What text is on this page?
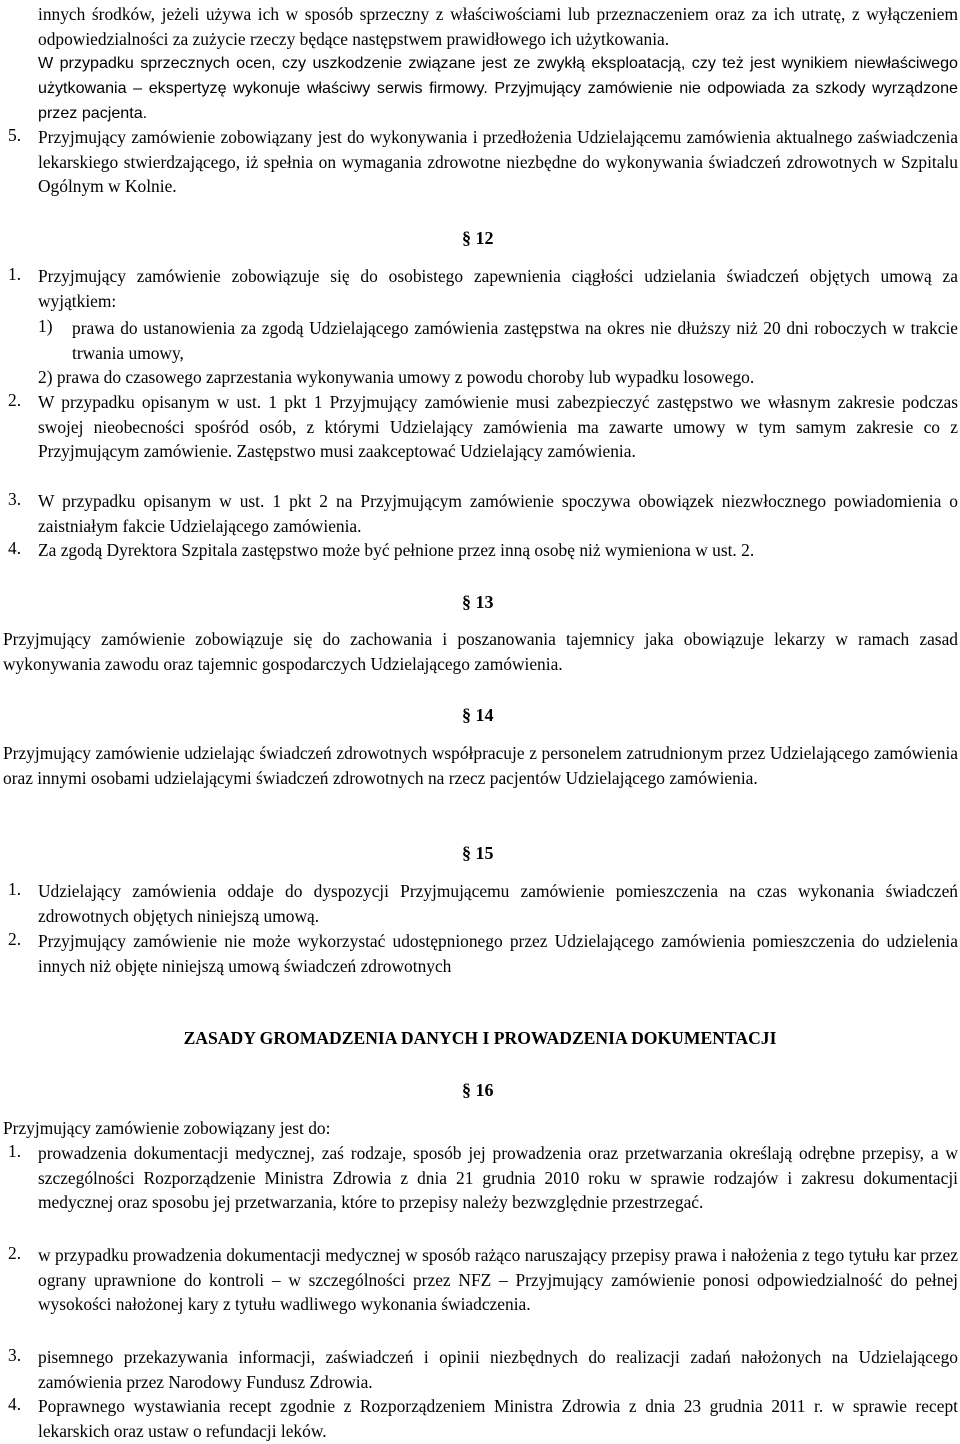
innych środków, jeżeli używa ich w sposób sprzeczny z właściwościami lub przeznaczeniem oraz za ich utratę, z wyłączeniem odpowiedzialności za zużycie rzeczy będące następstwem prawidłowego ich użytkowania.
W przypadku sprzecznych ocen, czy uszkodzenie związane jest ze zwykłą eksploatacją, czy też jest wynikiem niewłaściwego użytkowania – ekspertyzę wykonuje właściwy serwis firmowy. Przyjmujący zamówienie nie odpowiada za szkody wyrządzone przez pacjenta.
5. Przyjmujący zamówienie zobowiązany jest do wykonywania i przedłożenia Udzielającemu zamówienia aktualnego zaświadczenia lekarskiego stwierdzającego, iż spełnia on wymagania zdrowotne niezbędne do wykonywania świadczeń zdrowotnych w Szpitalu Ogólnym w Kolnie.
§ 12
1. Przyjmujący zamówienie zobowiązuje się do osobistego zapewnienia ciągłości udzielania świadczeń objętych umową za wyjątkiem:
1) prawa do ustanowienia za zgodą Udzielającego zamówienia zastępstwa na okres nie dłuższy niż 20 dni roboczych w trakcie trwania umowy,
2) prawa do czasowego zaprzestania wykonywania umowy z powodu choroby lub wypadku losowego.
2. W przypadku opisanym w ust. 1 pkt 1 Przyjmujący zamówienie musi zabezpieczyć zastępstwo we własnym zakresie podczas swojej nieobecności spośród osób, z którymi Udzielający zamówienia ma zawarte umowy w tym samym zakresie co z Przyjmującym zamówienie. Zastępstwo musi zaakceptować Udzielający zamówienia.
3. W przypadku opisanym w ust. 1 pkt 2 na Przyjmującym zamówienie spoczywa obowiązek niezwłocznego powiadomienia o zaistniałym fakcie Udzielającego zamówienia.
4. Za zgodą Dyrektora Szpitala zastępstwo może być pełnione przez inną osobę niż wymieniona w ust. 2.
§ 13
Przyjmujący zamówienie zobowiązuje się do zachowania i poszanowania tajemnicy jaka obowiązuje lekarzy w ramach zasad wykonywania zawodu oraz tajemnic gospodarczych Udzielającego zamówienia.
§ 14
Przyjmujący zamówienie udzielając świadczeń zdrowotnych współpracuje z personelem zatrudnionym przez Udzielającego zamówienia oraz innymi osobami udzielającymi świadczeń zdrowotnych na rzecz pacjentów Udzielającego zamówienia.
§ 15
1. Udzielający zamówienia oddaje do dyspozycji Przyjmującemu zamówienie pomieszczenia na czas wykonania świadczeń zdrowotnych objętych niniejszą umową.
2. Przyjmujący zamówienie nie może wykorzystać udostępnionego przez Udzielającego zamówienia pomieszczenia do udzielenia innych niż objęte niniejszą umową świadczeń zdrowotnych
ZASADY GROMADZENIA DANYCH I PROWADZENIA DOKUMENTACJI
§ 16
Przyjmujący zamówienie zobowiązany jest do:
1. prowadzenia dokumentacji medycznej, zaś rodzaje, sposób jej prowadzenia oraz przetwarzania określają odrębne przepisy, a w szczególności Rozporządzenie Ministra Zdrowia z dnia 21 grudnia 2010 roku w sprawie rodzajów i zakresu dokumentacji medycznej oraz sposobu jej przetwarzania, które to przepisy należy bezwzględnie przestrzegać.
2. w przypadku prowadzenia dokumentacji medycznej w sposób rażąco naruszający przepisy prawa i nałożenia z tego tytułu kar przez ograny uprawnione do kontroli – w szczególności przez NFZ – Przyjmujący zamówienie ponosi odpowiedzialność do pełnej wysokości nałożonej kary z tytułu wadliwego wykonania świadczenia.
3. pisemnego przekazywania informacji, zaświadczeń i opinii niezbędnych do realizacji zadań nałożonych na Udzielającego zamówienia przez Narodowy Fundusz Zdrowia.
4. Poprawnego wystawiania recept zgodnie z Rozporządzeniem Ministra Zdrowia z dnia 23 grudnia 2011 r. w sprawie recept lekarskich oraz ustaw o refundacji leków.
